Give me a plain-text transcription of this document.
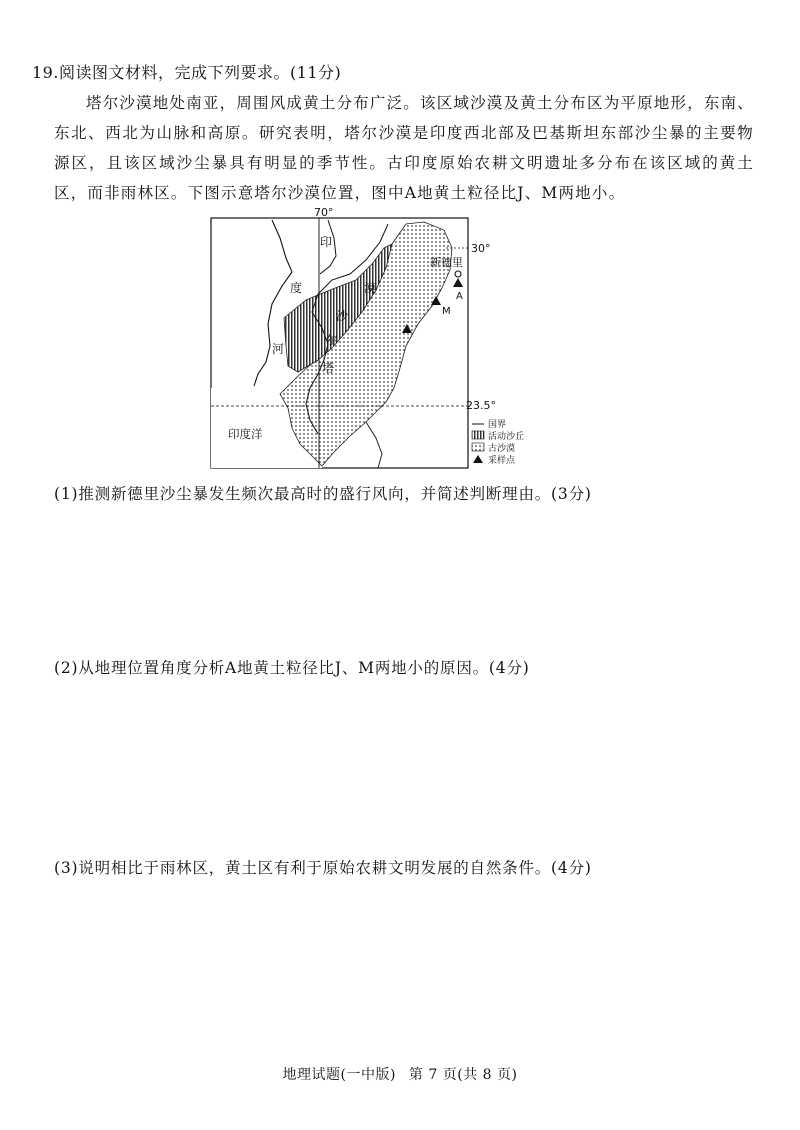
19.阅读图文材料，完成下列要求。(11分)

塔尔沙漠地处南亚，周围风成黄土分布广泛。该区域沙漠及黄土分布区为平原地形，东南、东北、西北为山脉和高原。研究表明，塔尔沙漠是印度西北部及巴基斯坦东部沙尘暴的主要物源区，且该区域沙尘暴具有明显的季节性。古印度原始农耕文明遗址多分布在该区域的黄土区，而非雨林区。下图示意塔尔沙漠位置，图中A地黄土粒径比J、M两地小。

70°
30°
23.5°
印
度
河
塔
尔
沙
漠
印度洋
新德里
A
M
国界
活动沙丘
古沙漠
采样点
(1)推测新德里沙尘暴发生频次最高时的盛行风向，并简述判断理由。(3分)
(2)从地理位置角度分析A地黄土粒径比J、M两地小的原因。(4分)
(3)说明相比于雨林区，黄土区有利于原始农耕文明发展的自然条件。(4分)
地理试题(一中版) 第 7 页(共 8 页)
